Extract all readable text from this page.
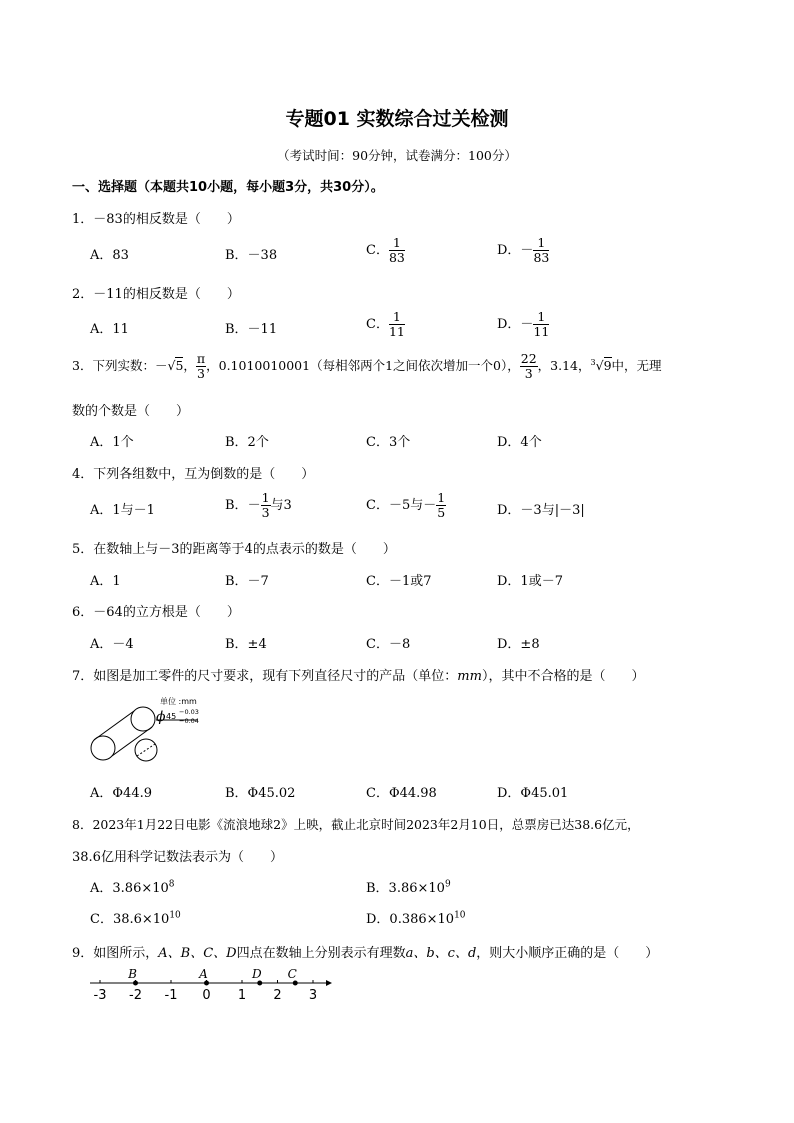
专题01 实数综合过关检测
（考试时间：90分钟，试卷满分：100分）
一、选择题（本题共10小题，每小题3分，共30分）。
1．－83的相反数是（　　）
A．83	B．－38	C． $\frac{1}{83}$	D．－ $\frac{1}{83}$
2．－11的相反数是（　　）
A．11	B．－11	C． $\frac{1}{11}$	D．－ $\frac{1}{11}$
3．下列实数：－√5， $\frac{\pi}{3}$ ，0.1010010001（每相邻两个1之间依次增加一个0）， $\frac{22}{3}$ ，3.14，$^3$√9中，无理
数的个数是（　　）
A．1个	B．2个	C．3个	D．4个
4．下列各组数中，互为倒数的是（　　）
A．1与－1	B．－ $\frac{1}{3}$ 与3	C．－5与－ $\frac{1}{5}$	D．－3与|－3|
5．在数轴上与－3的距离等于4的点表示的数是（　　）
A．1	B．－7	C．－1或7	D．1或－7
6．－64的立方根是（　　）
A．－4	B．±4	C．－8	D．±8
7．如图是加工零件的尺寸要求，现有下列直径尺寸的产品（单位：mm），其中不合格的是（　　）
单位 :mm
ϕ 45 −0.03
−0.04
A．Φ44.9	B．Φ45.02	C．Φ44.98	D．Φ45.01
8．2023年1月22日电影《流浪地球2》上映，截止北京时间2023年2月10日，总票房已达38.6亿元，
38.6亿用科学记数法表示为（　　）
A．$3.86\times 10^8$	B．$3.86\times 10^9$
C．$38.6\times 10^{10}$	D．$0.386\times 10^{10}$
9．如图所示，A、B、C、D四点在数轴上分别表示有理数a、b、c、d，则大小顺序正确的是（　　）
-3 -2 -1 0 1 2 3
B	A	D C
